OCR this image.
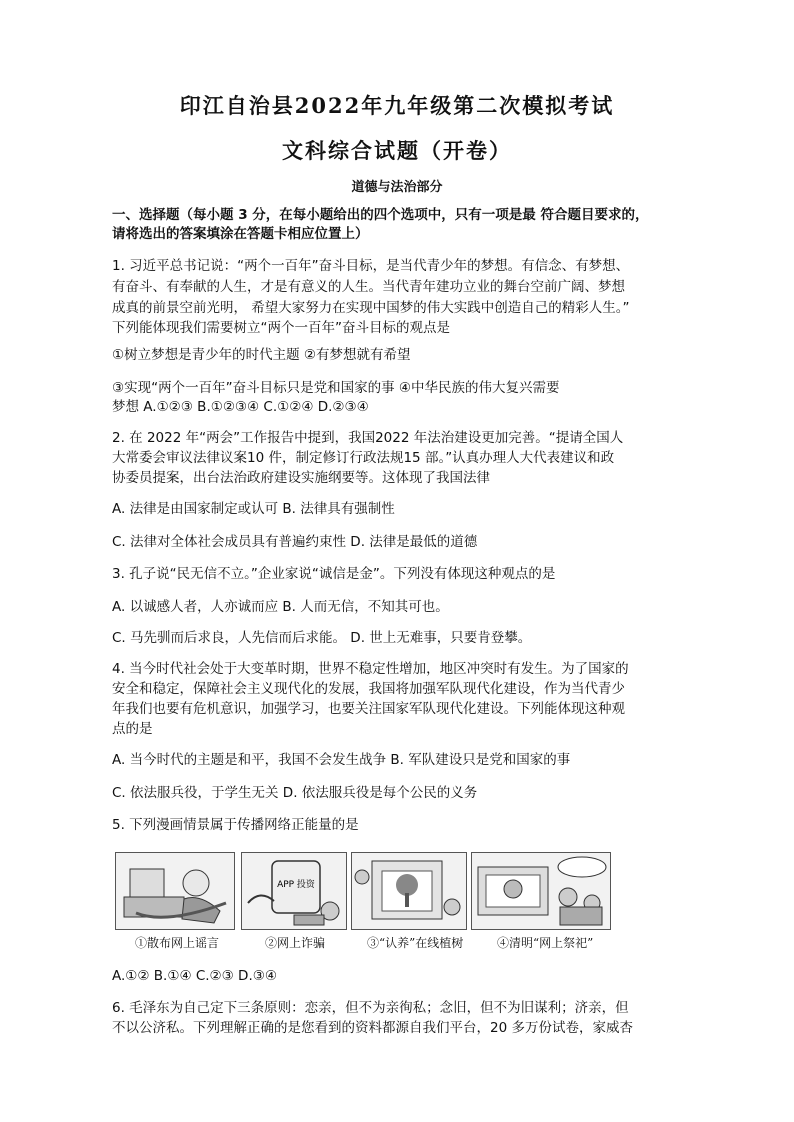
印江自治县2022年九年级第二次模拟考试
文科综合试题（开卷）
道德与法治部分
一、选择题（每小题 3 分，在每小题给出的四个选项中，只有一项是最 符合题目要求的，
请将选出的答案填涂在答题卡相应位置上）
1. 习近平总书记说：“两个一百年”奋斗目标，是当代青少年的梦想。有信念、有梦想、
有奋斗、有奉献的人生，才是有意义的人生。当代青年建功立业的舞台空前广阔、梦想
成真的前景空前光明， 希望大家努力在实现中国梦的伟大实践中创造自己的精彩人生。”
下列能体现我们需要树立“两个一百年”奋斗目标的观点是
①树立梦想是青少年的时代主题 ②有梦想就有希望
③实现“两个一百年”奋斗目标只是党和国家的事 ④中华民族的伟大复兴需要
梦想 A.①②③ B.①②③④ C.①②④ D.②③④
2. 在 2022 年“两会”工作报告中提到，我国2022 年法治建设更加完善。“提请全国人
大常委会审议法律议案10 件，制定修订行政法规15 部。”认真办理人大代表建议和政
协委员提案，出台法治政府建设实施纲要等。这体现了我国法律
A. 法律是由国家制定或认可 B. 法律具有强制性
C. 法律对全体社会成员具有普遍约束性 D. 法律是最低的道德
3. 孔子说“民无信不立。”企业家说“诚信是金”。下列没有体现这种观点的是
A. 以诚感人者，人亦诚而应 B. 人而无信，不知其可也。
C. 马先驯而后求良，人先信而后求能。 D. 世上无难事，只要肯登攀。
4. 当今时代社会处于大变革时期，世界不稳定性增加，地区冲突时有发生。为了国家的
安全和稳定，保障社会主义现代化的发展，我国将加强军队现代化建设，作为当代青少
年我们也要有危机意识，加强学习，也要关注国家军队现代化建设。下列能体现这种观
点的是
A. 当今时代的主题是和平，我国不会发生战争 B. 军队建设只是党和国家的事
C. 依法服兵役，于学生无关 D. 依法服兵役是每个公民的义务
5. 下列漫画情景属于传播网络正能量的是
APP 投资
①散布网上谣言	②网上诈骗	③“认养”在线植树	④清明“网上祭祀”
A.①② B.①④ C.②③ D.③④
6. 毛泽东为自己定下三条原则：恋亲，但不为亲徇私；念旧，但不为旧谋利；济亲，但
不以公济私。下列理解正确的是您看到的资料都源自我们平台，20 多万份试卷，家威杏
